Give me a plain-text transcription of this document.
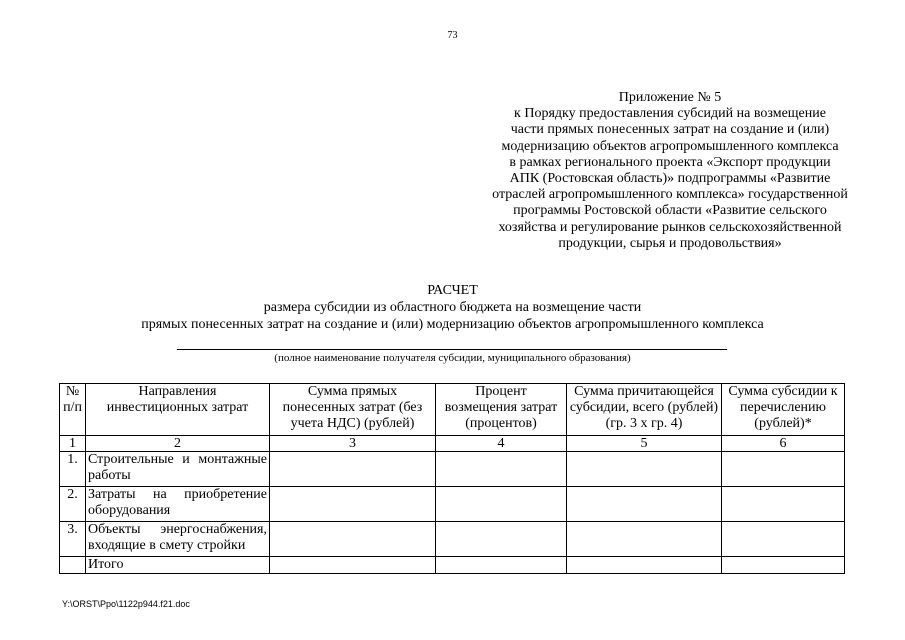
73
Приложение № 5
к Порядку предоставления субсидий на возмещение
части прямых понесенных затрат на создание и (или)
модернизацию объектов агропромышленного комплекса
в рамках регионального проекта «Экспорт продукции
АПК (Ростовская область)» подпрограммы «Развитие
отраслей агропромышленного комплекса» государственной
программы Ростовской области «Развитие сельского
хозяйства и регулирование рынков сельскохозяйственной
продукции, сырья и продовольствия»
РАСЧЕТ
размера субсидии из областного бюджета на возмещение части
прямых понесенных затрат на создание и (или) модернизацию объектов агропромышленного комплекса
(полное наименование получателя субсидии, муниципального образования)
№ п/п	Направления инвестиционных затрат	Сумма прямых понесенных затрат (без учета НДС) (рублей)	Процент возмещения затрат (процентов)	Сумма причитающейся субсидии, всего (рублей) (гр. 3 х гр. 4)	Сумма субсидии к перечислению (рублей)*
1	2	3	4	5	6
1.	Строительные и монтажные работы				
2.	Затраты на приобретение оборудования				
3.	Объекты энергоснабжения, входящие в смету стройки				
	Итого				
Y:\ORST\Ppo\1122p944.f21.doc
